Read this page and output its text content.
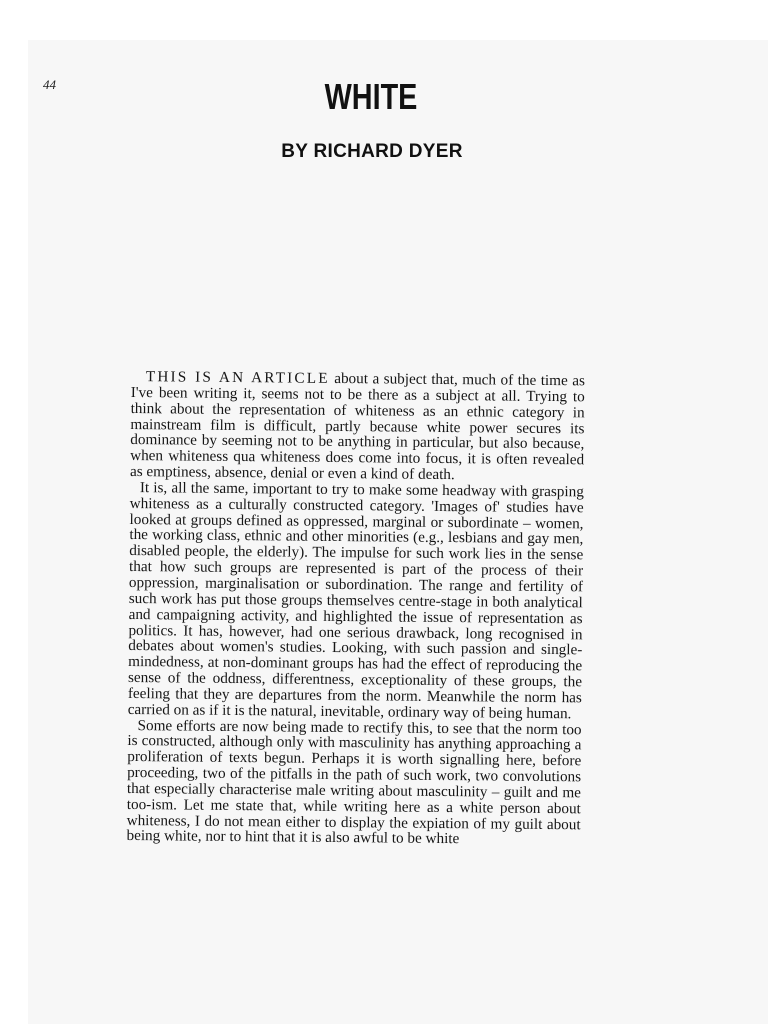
44	WHITE
BY RICHARD DYER

THIS IS AN ARTICLE about a subject that, much of the time as I've been writing it, seems not to be there as a subject at all. Trying to think about the representation of whiteness as an ethnic category in mainstream film is difficult, partly because white power secures its dominance by seeming not to be anything in particular, but also because, when whiteness qua whiteness does come into focus, it is often revealed as emptiness, absence, denial or even a kind of death.

It is, all the same, important to try to make some headway with grasping whiteness as a culturally constructed category. 'Images of' studies have looked at groups defined as oppressed, marginal or subordinate – women, the working class, ethnic and other minorities (e.g., lesbians and gay men, disabled people, the elderly). The impulse for such work lies in the sense that how such groups are represented is part of the process of their oppression, marginalisation or subordination. The range and fertility of such work has put those groups themselves centre-stage in both analytical and campaigning activity, and highlighted the issue of representation as politics. It has, however, had one serious drawback, long recognised in debates about women's studies. Looking, with such passion and single-mindedness, at non-dominant groups has had the effect of reproducing the sense of the oddness, differentness, exceptionality of these groups, the feeling that they are departures from the norm. Meanwhile the norm has carried on as if it is the natural, inevitable, ordinary way of being human.

Some efforts are now being made to rectify this, to see that the norm too is constructed, although only with masculinity has anything approaching a proliferation of texts begun. Perhaps it is worth signalling here, before proceeding, two of the pitfalls in the path of such work, two convolutions that especially characterise male writing about masculinity – guilt and me too-ism. Let me state that, while writing here as a white person about whiteness, I do not mean either to display the expiation of my guilt about being white, nor to hint that it is also awful to be white
